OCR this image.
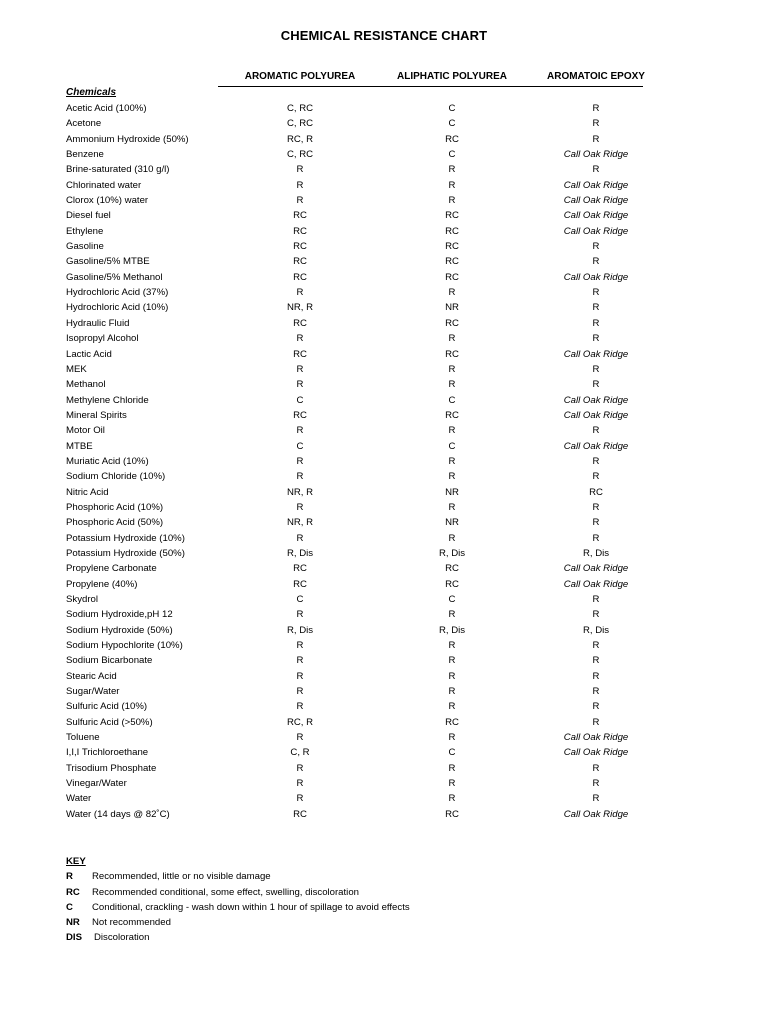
CHEMICAL RESISTANCE CHART
AROMATIC POLYUREA	ALIPHATIC POLYUREA	AROMATOIC EPOXY
Chemicals
Acetic Acid (100%)	C, RC	C	R
Acetone	C, RC	C	R
Ammonium Hydroxide (50%)	RC, R	RC	R
Benzene	C, RC	C	Call Oak Ridge
Brine-saturated (310 g/l)	R	R	R
Chlorinated water	R	R	Call Oak Ridge
Clorox (10%) water	R	R	Call Oak Ridge
Diesel fuel	RC	RC	Call Oak Ridge
Ethylene	RC	RC	Call Oak Ridge
Gasoline	RC	RC	R
Gasoline/5% MTBE	RC	RC	R
Gasoline/5% Methanol	RC	RC	Call Oak Ridge
Hydrochloric Acid (37%)	R	R	R
Hydrochloric Acid (10%)	NR, R	NR	R
Hydraulic Fluid	RC	RC	R
Isopropyl Alcohol	R	R	R
Lactic Acid	RC	RC	Call Oak Ridge
MEK	R	R	R
Methanol	R	R	R
Methylene Chloride	C	C	Call Oak Ridge
Mineral Spirits	RC	RC	Call Oak Ridge
Motor Oil	R	R	R
MTBE	C	C	Call Oak Ridge
Muriatic Acid (10%)	R	R	R
Sodium Chloride (10%)	R	R	R
Nitric Acid	NR, R	NR	RC
Phosphoric Acid (10%)	R	R	R
Phosphoric Acid (50%)	NR, R	NR	R
Potassium Hydroxide (10%)	R	R	R
Potassium Hydroxide (50%)	R, Dis	R, Dis	R, Dis
Propylene Carbonate	RC	RC	Call Oak Ridge
Propylene (40%)	RC	RC	Call Oak Ridge
Skydrol	C	C	R
Sodium Hydroxide,pH 12	R	R	R
Sodium Hydroxide (50%)	R, Dis	R, Dis	R, Dis
Sodium Hypochlorite (10%)	R	R	R
Sodium Bicarbonate	R	R	R
Stearic Acid	R	R	R
Sugar/Water	R	R	R
Sulfuric Acid (10%)	R	R	R
Sulfuric Acid (>50%)	RC, R	RC	R
Toluene	R	R	Call Oak Ridge
I,I,I Trichloroethane	C, R	C	Call Oak Ridge
Trisodium Phosphate	R	R	R
Vinegar/Water	R	R	R
Water	R	R	R
Water (14 days @ 82˚C)	RC	RC	Call Oak Ridge
KEY
R Recommended, little or no visible damage
RC Recommended conditional, some effect, swelling, discoloration
C Conditional, crackling - wash down within 1 hour of spillage to avoid effects
NR Not recommended
DIS Discoloration
